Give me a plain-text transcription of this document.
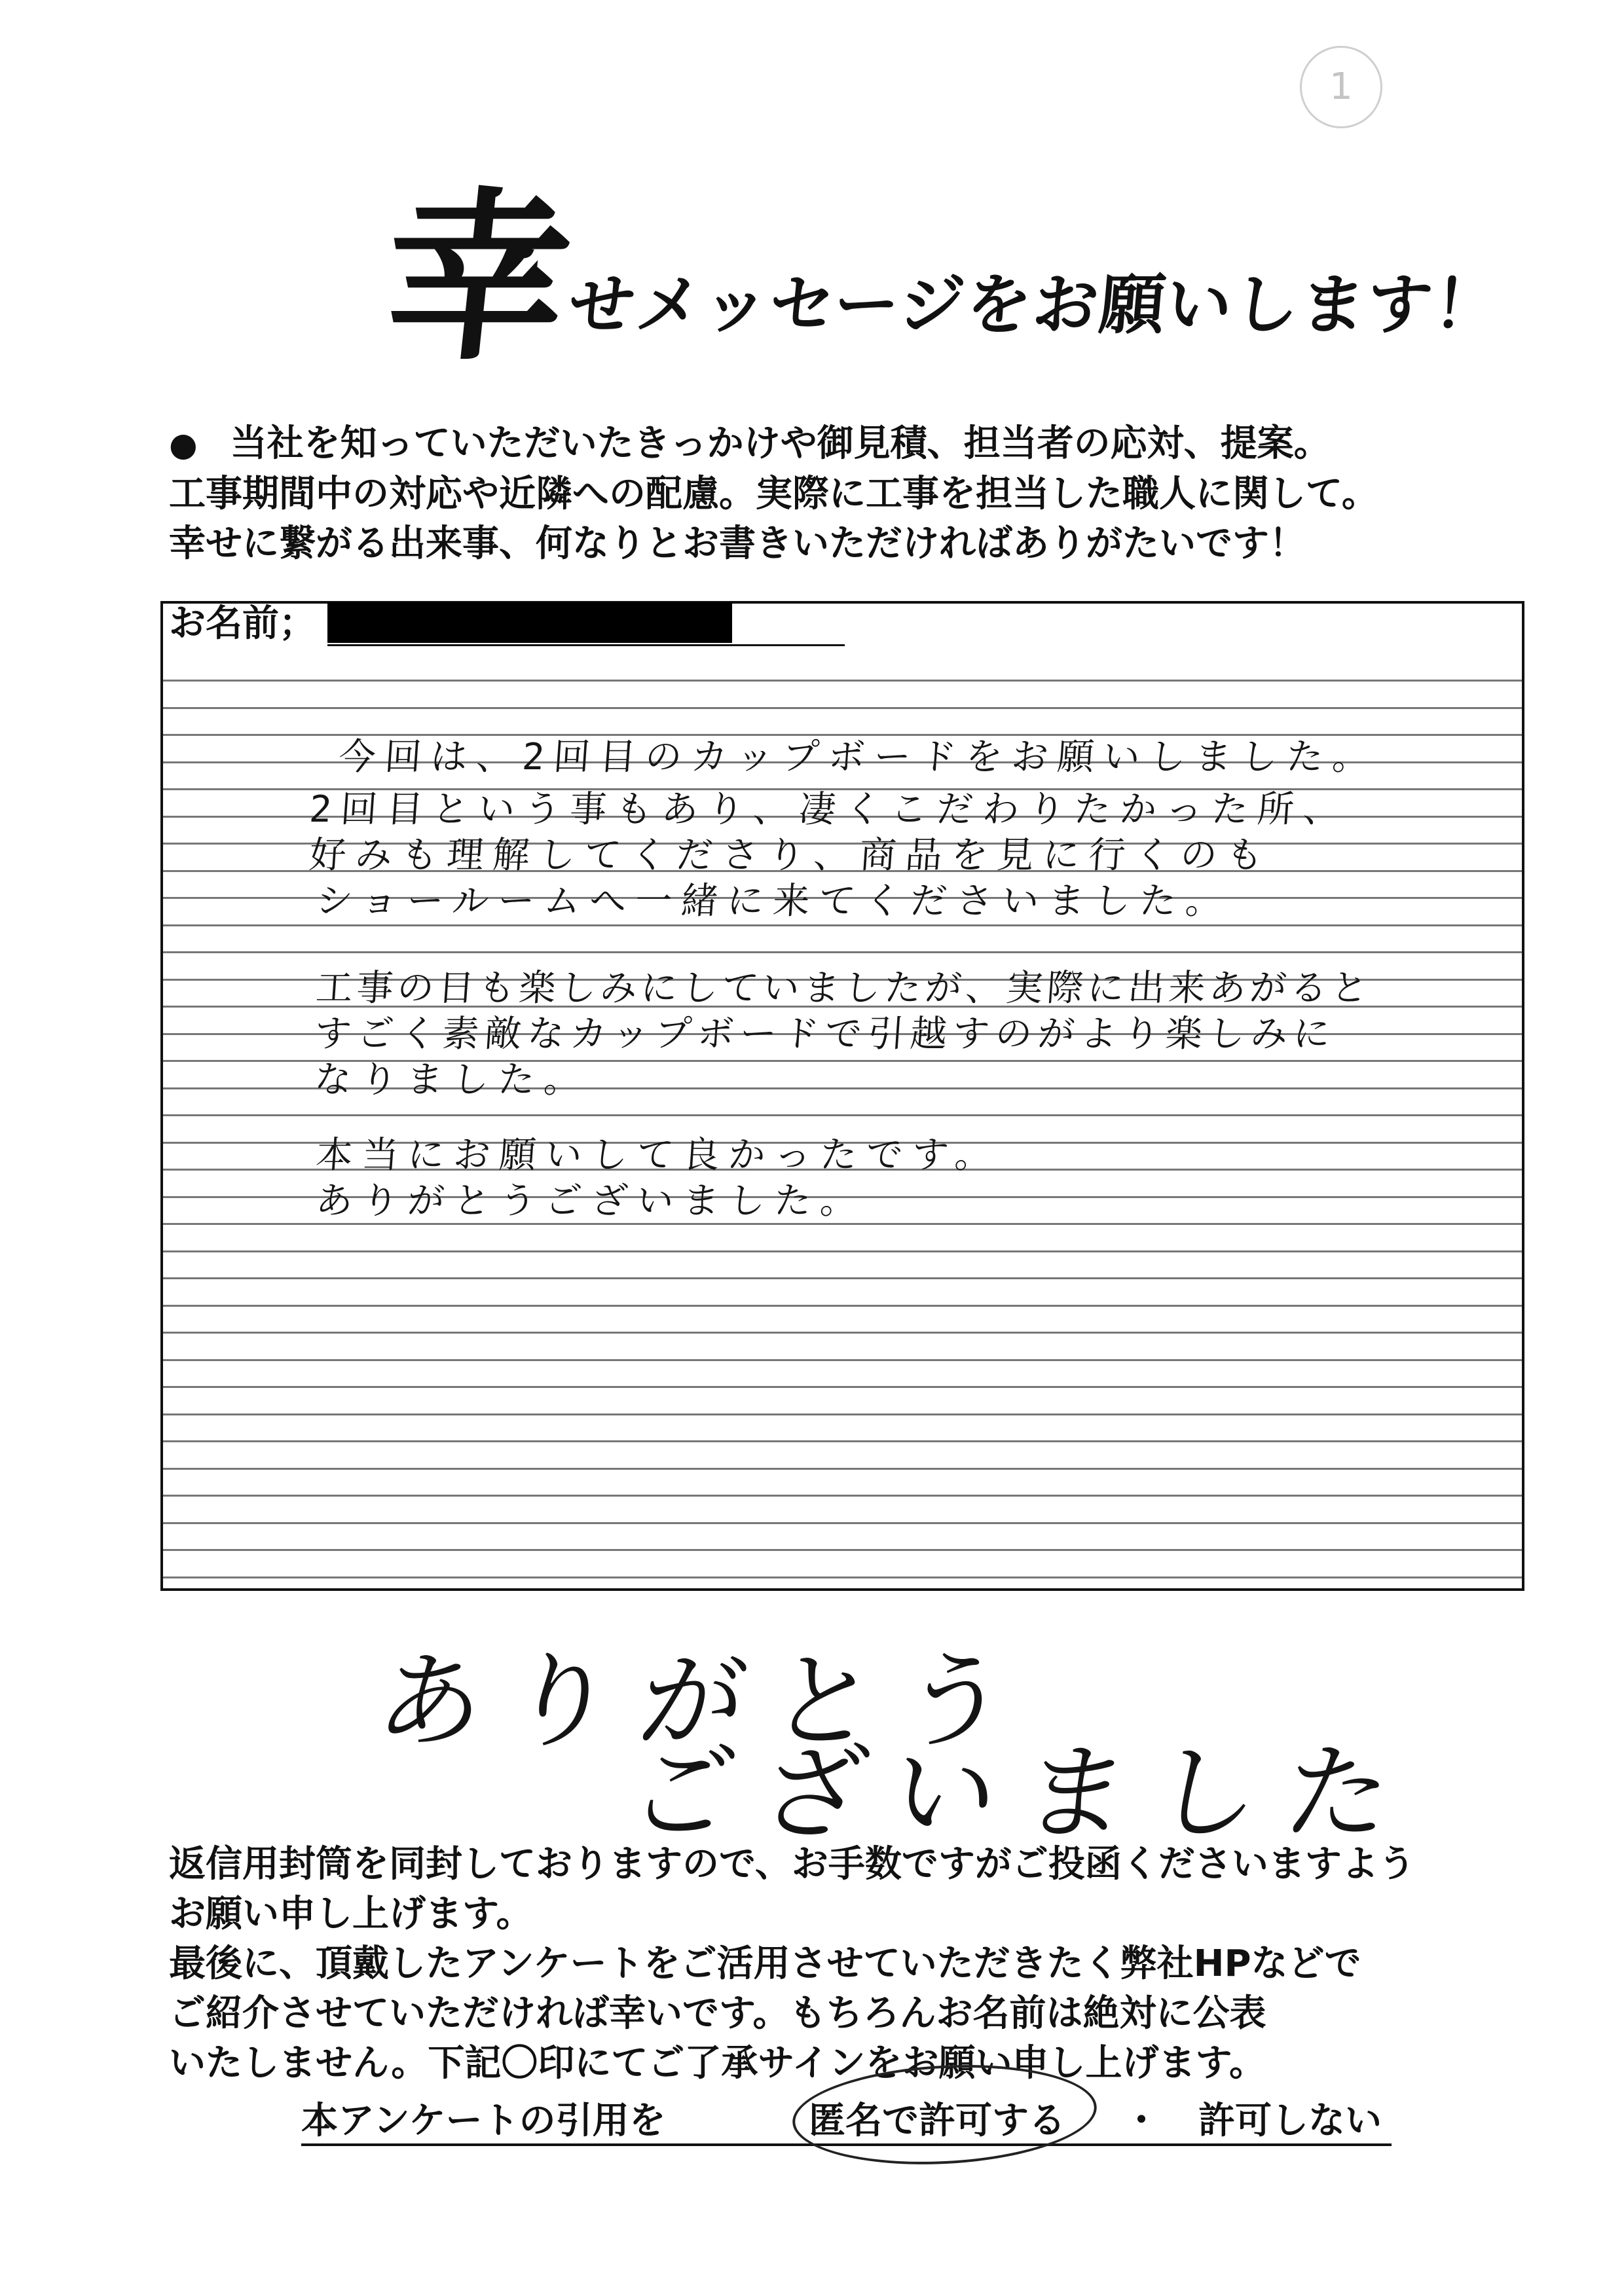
1
幸
せメッセージをお願いします！
● 当社を知っていただいたきっかけや御見積、担当者の応対、提案。
工事期間中の対応や近隣への配慮。実際に工事を担当した職人に関して。
幸せに繋がる出来事、何なりとお書きいただければありがたいです！
お名前；
今回は、2回目のカップボードをお願いしました。
2回目という事もあり、凄くこだわりたかった所、
好みも理解してくださり、商品を見に行くのも
ショールームへ一緒に来てくださいました。
工事の日も楽しみにしていましたが、実際に出来あがると
すごく素敵なカップボードで引越すのがより楽しみに
なりました。
本当にお願いして良かったです。
ありがとうございました。
ありがとう
ございました
返信用封筒を同封しておりますので、お手数ですがご投函くださいますよう
お願い申し上げます。
最後に、頂戴したアンケートをご活用させていただきたく弊社HPなどで
ご紹介させていただければ幸いです。もちろんお名前は絶対に公表
いたしません。下記〇印にてご了承サインをお願い申し上げます。
本アンケートの引用を	匿名で許可する ・ 許可しない
